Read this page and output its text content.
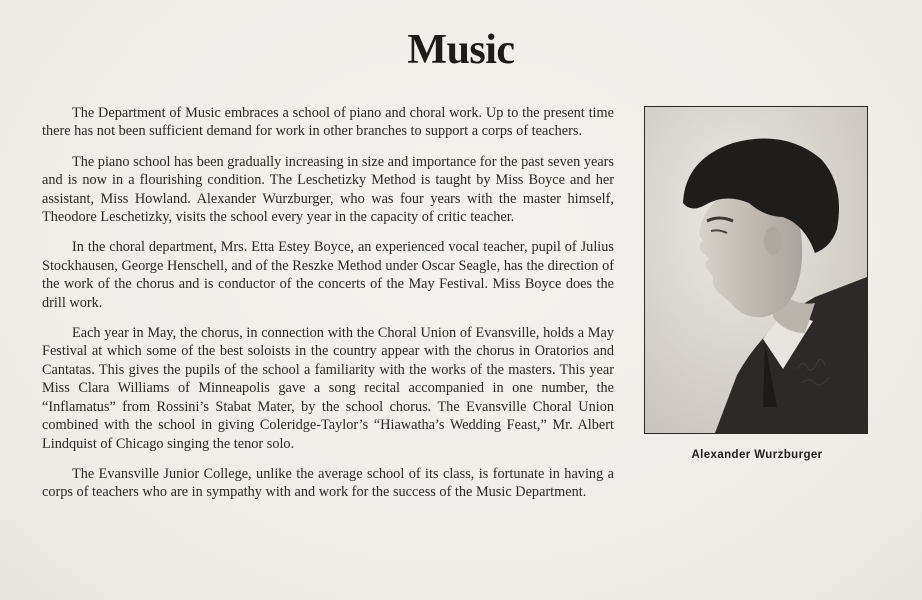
Music
Alexander Wurzburger

The Department of Music embraces a school of piano and choral work. Up to the present time there has not been sufficient demand for work in other branches to support a corps of teachers.

The piano school has been gradually increasing in size and importance for the past seven years and is now in a flourishing condition. The Leschetizky Method is taught by Miss Boyce and her assistant, Miss Howland. Alexander Wurzburger, who was four years with the master himself, Theodore Leschetizky, visits the school every year in the capacity of critic teacher.

In the choral department, Mrs. Etta Estey Boyce, an experienced vocal teacher, pupil of Julius Stockhausen, George Henschell, and of the Reszke Method under Oscar Seagle, has the direction of the work of the chorus and is conductor of the concerts of the May Festival. Miss Boyce does the drill work.

Each year in May, the chorus, in connection with the Choral Union of Evansville, holds a May Festival at which some of the best soloists in the country appear with the chorus in Oratorios and Cantatas. This gives the pupils of the school a familiarity with the works of the masters. This year Miss Clara Williams of Minneapolis gave a song recital accompanied in one number, the “Inflamatus” from Rossini’s Stabat Mater, by the school chorus. The Evansville Choral Union combined with the school in giving Coleridge-Taylor’s “Hiawatha’s Wedding Feast,” Mr. Albert Lindquist of Chicago singing the tenor solo.

The Evansville Junior College, unlike the average school of its class, is fortunate in having a corps of teachers who are in sympathy with and work for the success of the Music Department.
